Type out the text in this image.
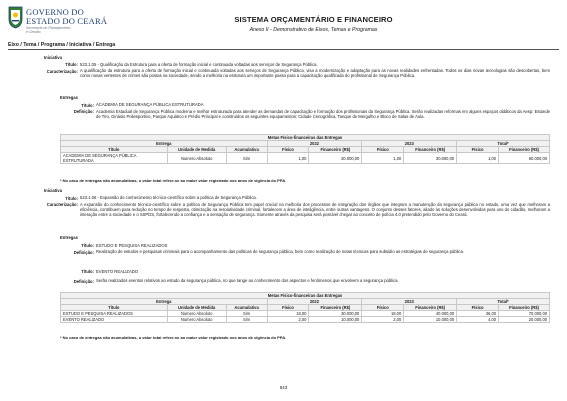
GOVERNO DO
ESTADO DO CEARÁ
Secretaria do Planejamento
e Gestão
SISTEMA ORÇAMENTÁRIO E FINANCEIRO
Anexo II - Demonstrativo de Eixos, Temas e Programas
Eixo / Tema / Programa / Iniciativa / Entrega
Iniciativa
Título: 523.1.05 - Qualificação da Estrutura para a oferta de formação inicial e continuada voltadas aos serviços de Segurança Pública.
Caracterização: A qualificação da estrutura para a oferta de formação inicial e continuada voltadas aos serviços de Segurança Pública, visa a modernização e adaptação para as novas realidades enfrentadas. Todos os dias novas tecnologias são descobertas, bem como novas vertentes de crimes são postas na sociedade, sendo a melhoria na estrutura um importante passo para a capacitação qualificada do profissional de Segurança Pública.
Entregas
Título: ACADEMIA DE SEGURANÇA PÚBLICA ESTRUTURADA
Definição: Academia Estadual de Segurança Pública moderna e melhor estruturada para atender as demandas de capacitação e formação dos profissionais da Segurança Pública. Serão realizadas reformas em alguns espaços didáticos da Aesp: Estande de Tiro, Ginásio Poliesportivo, Parque Aquático e Prédio Principal e construídos os seguintes equipamentos: Cidade Cenográfica, Tanque de Mergulho e Bloco de Salas de Aula.
Metas Físico-financeiras das Entregas								
Entrega			2022		2023		Total*	
Título	Unidade de Medida	Acumulativa	Físico	Financeiro (R$)	Físico	Financeiro (R$)	Físico	Financeiro (R$)
ACADEMIA DE SEGURANÇA PÚBLICA ESTRUTURADA	Numero Absoluto	Sim	1,00	30.000,00	1,00	30.000,00	1,00	60.000,00
* No caso de entregas não acumulativas, o valor total refere-se ao maior valor registrado nos anos de vigência do PPA.
Iniciativa
Título: 523.1.06 - Expansão do conhecimento técnico-científico sobre a política de Segurança Pública.
Caracterização: A expansão do conhecimento técnico-científico sobre a política de Segurança Pública tem papel crucial na melhoria dos processos de integração dos órgãos que integram a manutenção da segurança pública no estado, uma vez que melhoram a eficiência, contribuem para redução no tempo de resposta, otimização na resolutividade criminal, fortalecem a área de inteligência, entre outras vantagens. O conjunto desses fatores, aliado às soluções desenvolvidas para uso do cidadão, melhoram a interação entre a sociedade e o SSPDS, fortalecendo a confiança e a sensação de segurança. Somente através da pesquisa será possível chegar ao conceito de polícia 4.0 pretendido pelo Governo do Ceará.
Entregas
Título: ESTUDO E PESQUISA REALIZADOS
Definição: Realização de estudos e pesquisas criminais para o acompanhamento das políticas de segurança pública, bem como realização de notas técnicas para subsidio as estratégias de segurança pública.
Título: EVENTO REALIZADO
Definição: Serão realizados eventos relativos ao estudo da segurança pública, no que tange ao conhecimento dos aspectos e fenômenos que envolvem a segurança pública.
Metas Físico-financeiras das Entregas								
Entrega			2022		2023		Total*	
Título	Unidade de Medida	Acumulativa	Físico	Financeiro (R$)	Físico	Financeiro (R$)	Físico	Financeiro (R$)
ESTUDO E PESQUISA REALIZADOS	Numero Absoluto	Sim	18,00	30.000,00	18,00	40.000,00	36,00	70.000,00
EVENTO REALIZADO	Numero Absoluto	Sim	2,00	10.000,00	2,00	10.000,00	4,00	20.000,00
* No caso de entregas não acumulativas, o valor total refere-se ao maior valor registrado nos anos de vigência do PPA.
843
